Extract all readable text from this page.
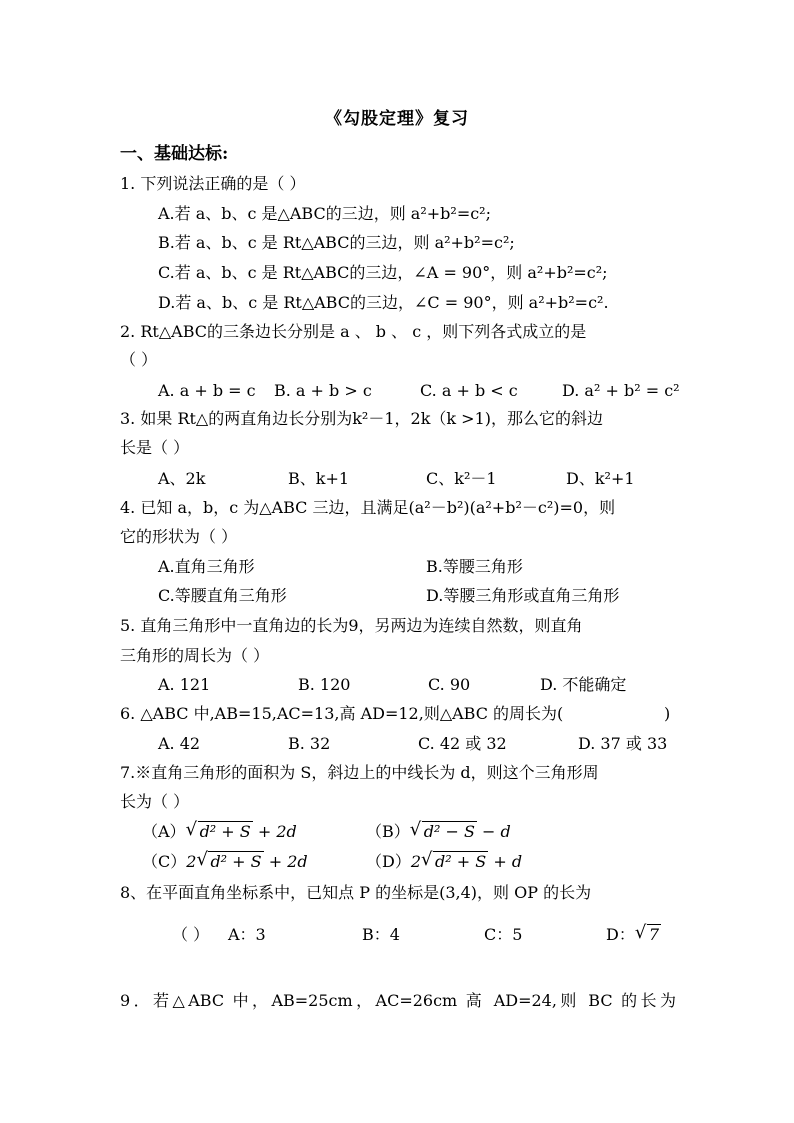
《勾股定理》复习
一、基础达标:
1. 下列说法正确的是（ ）
A.若 a、b、c 是△ABC的三边，则 a²+b²=c²;
B.若 a、b、c 是 Rt△ABC的三边，则 a²+b²=c²;
C.若 a、b、c 是 Rt△ABC的三边，∠A = 90°，则 a²+b²=c²;
D.若 a、b、c 是 Rt△ABC的三边，∠C = 90°，则 a²+b²=c².
2. Rt△ABC的三条边长分别是 a 、 b 、 c ，则下列各式成立的是
（ ）
A. a + b = c B. a + b > c	C. a + b < c	D. a² + b² = c²
3. 如果 Rt△的两直角边长分别为k²－1，2k（k >1)，那么它的斜边
长是（ ）
A、2k	B、k+1	C、k²－1	D、k²+1
4. 已知 a，b，c 为△ABC 三边，且满足(a²－b²)(a²+b²－c²)=0，则
它的形状为（ ）
A.直角三角形	B.等腰三角形
C.等腰直角三角形	D.等腰三角形或直角三角形
5. 直角三角形中一直角边的长为9，另两边为连续自然数，则直角
三角形的周长为（ ）
A. 121	B. 120	C. 90	D. 不能确定
6. △ABC 中,AB=15,AC=13,高 AD=12,则△ABC 的周长为(	)
A. 42	B. 32	C. 42 或 32	D. 37 或 33
7.※直角三角形的面积为 S，斜边上的中线长为 d，则这个三角形周
长为（ ）
（A） √ d² + S + 2d	（B） √ d² − S − d
（C）2 √ d² + S + 2d	（D）2 √ d² + S + d
8、在平面直角坐标系中，已知点 P 的坐标是(3,4)，则 OP 的长为
（ ） A：3	B：4	C：5	D： √ 7
9．若△ABC 中，AB=25cm，AC=26cm 高 AD=24,则 BC 的长为
